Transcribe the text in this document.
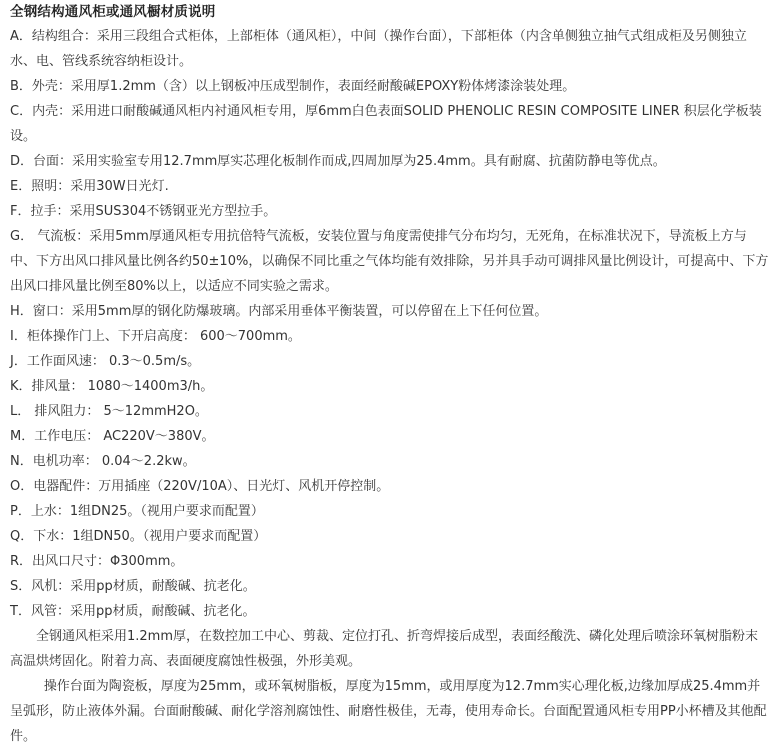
全钢结构通风柜或通风橱材质说明
A．结构组合：采用三段组合式柜体，上部柜体（通风柜），中间（操作台面），下部柜体（内含单侧独立抽气式组成柜及另侧独立水、电、管线系统容纳柜设计。
B．外壳：采用厚1.2mm（含）以上钢板冲压成型制作，表面经耐酸碱EPOXY粉体烤漆涂装处理。
C．内壳：采用进口耐酸碱通风柜内衬通风柜专用，厚6mm白色表面SOLID PHENOLIC RESIN COMPOSITE LINER 积层化学板装设。
D．台面：采用实验室专用12.7mm厚实芯理化板制作而成,四周加厚为25.4mm。具有耐腐、抗菌防静电等优点。
E．照明：采用30W日光灯.
F．拉手：采用SUS304不锈钢亚光方型拉手。
G． 气流板：采用5mm厚通风柜专用抗倍特气流板，安装位置与角度需使排气分布均匀，无死角，在标准状况下，导流板上方与中、下方出风口排风量比例各约50±10%，以确保不同比重之气体均能有效排除，另并具手动可调排风量比例设计，可提高中、下方出风口排风量比例至80%以上，以适应不同实验之需求。
H．窗口：采用5mm厚的钢化防爆玻璃。内部采用垂体平衡装置，可以停留在上下任何位置。
I．柜体操作门上、下开启高度： 600～700mm。
J．工作面风速： 0.3～0.5m/s。
K．排风量： 1080～1400m3/h。
L． 排风阻力： 5～12mmH2O。
M．工作电压： AC220V～380V。
N．电机功率： 0.04～2.2kw。
O．电器配件：万用插座（220V/10A）、日光灯、风机开停控制。
P．上水：1组DN25。（视用户要求而配置）
Q．下水：1组DN50。（视用户要求而配置）
R．出风口尺寸：Φ300mm。
S．风机：采用pp材质，耐酸碱、抗老化。
T．风管：采用pp材质，耐酸碱、抗老化。

全钢通风柜采用1.2mm厚，在数控加工中心、剪裁、定位打孔、折弯焊接后成型，表面经酸洗、磷化处理后喷涂环氧树脂粉末高温烘烤固化。附着力高、表面硬度腐蚀性极强，外形美观。

操作台面为陶瓷板，厚度为25mm，或环氧树脂板，厚度为15mm，或用厚度为12.7mm实心理化板,边缘加厚成25.4mm并呈弧形，防止液体外漏。台面耐酸碱、耐化学溶剂腐蚀性、耐磨性极佳，无毒，使用寿命长。台面配置通风柜专用PP小杯槽及其他配件。
